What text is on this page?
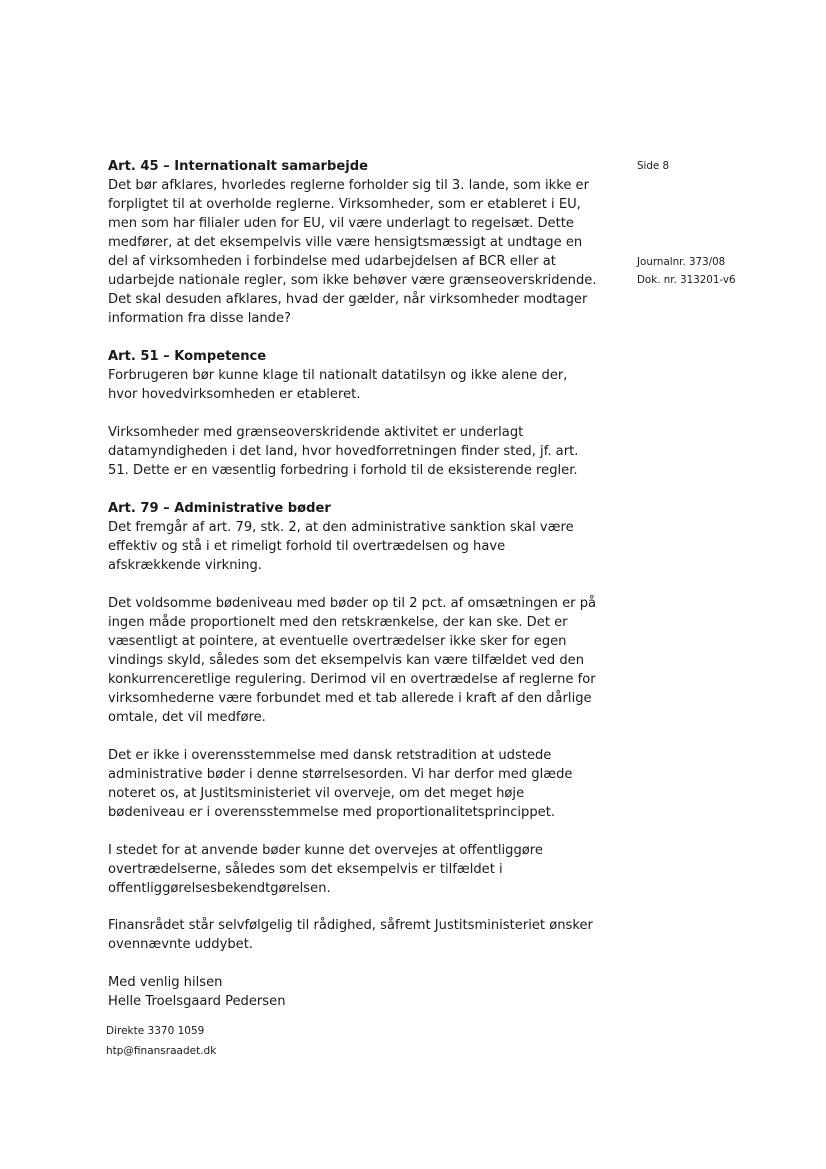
Side 8
Journalnr. 373/08
Dok. nr. 313201-v6

Art. 45 – Internationalt samarbejde

Det bør afklares, hvorledes reglerne forholder sig til 3. lande, som ikke er forpligtet til at overholde reglerne. Virksomheder, som er etableret i EU, men som har filialer uden for EU, vil være underlagt to regelsæt. Dette medfører, at det eksempelvis ville være hensigtsmæssigt at undtage en del af virksomheden i forbindelse med udarbejdelsen af BCR eller at udarbejde nationale regler, som ikke behøver være grænseoverskridende. Det skal desuden afklares, hvad der gælder, når virksomheder modtager information fra disse lande?

Art. 51 – Kompetence

Forbrugeren bør kunne klage til nationalt datatilsyn og ikke alene der, hvor hovedvirksomheden er etableret.

Virksomheder med grænseoverskridende aktivitet er underlagt datamyndigheden i det land, hvor hovedforretningen finder sted, jf. art. 51. Dette er en væsentlig forbedring i forhold til de eksisterende regler.

Art. 79 – Administrative bøder

Det fremgår af art. 79, stk. 2, at den administrative sanktion skal være effektiv og stå i et rimeligt forhold til overtrædelsen og have afskrækkende virkning.

Det voldsomme bødeniveau med bøder op til 2 pct. af omsætningen er på ingen måde proportionelt med den retskrænkelse, der kan ske. Det er væsentligt at pointere, at eventuelle overtrædelser ikke sker for egen vindings skyld, således som det eksempelvis kan være tilfældet ved den konkurrenceretlige regulering. Derimod vil en overtrædelse af reglerne for virksomhederne være forbundet med et tab allerede i kraft af den dårlige omtale, det vil medføre.

Det er ikke i overensstemmelse med dansk retstradition at udstede administrative bøder i denne størrelsesorden. Vi har derfor med glæde noteret os, at Justitsministeriet vil overveje, om det meget høje bødeniveau er i overensstemmelse med proportionalitetsprincippet.

I stedet for at anvende bøder kunne det overvejes at offentliggøre overtrædelserne, således som det eksempelvis er tilfældet i offentliggørelsesbekendtgørelsen.

Finansrådet står selvfølgelig til rådighed, såfremt Justitsministeriet ønsker ovennævnte uddybet.

Med venlig hilsen
Helle Troelsgaard Pedersen
Direkte 3370 1059
htp@finansraadet.dk
